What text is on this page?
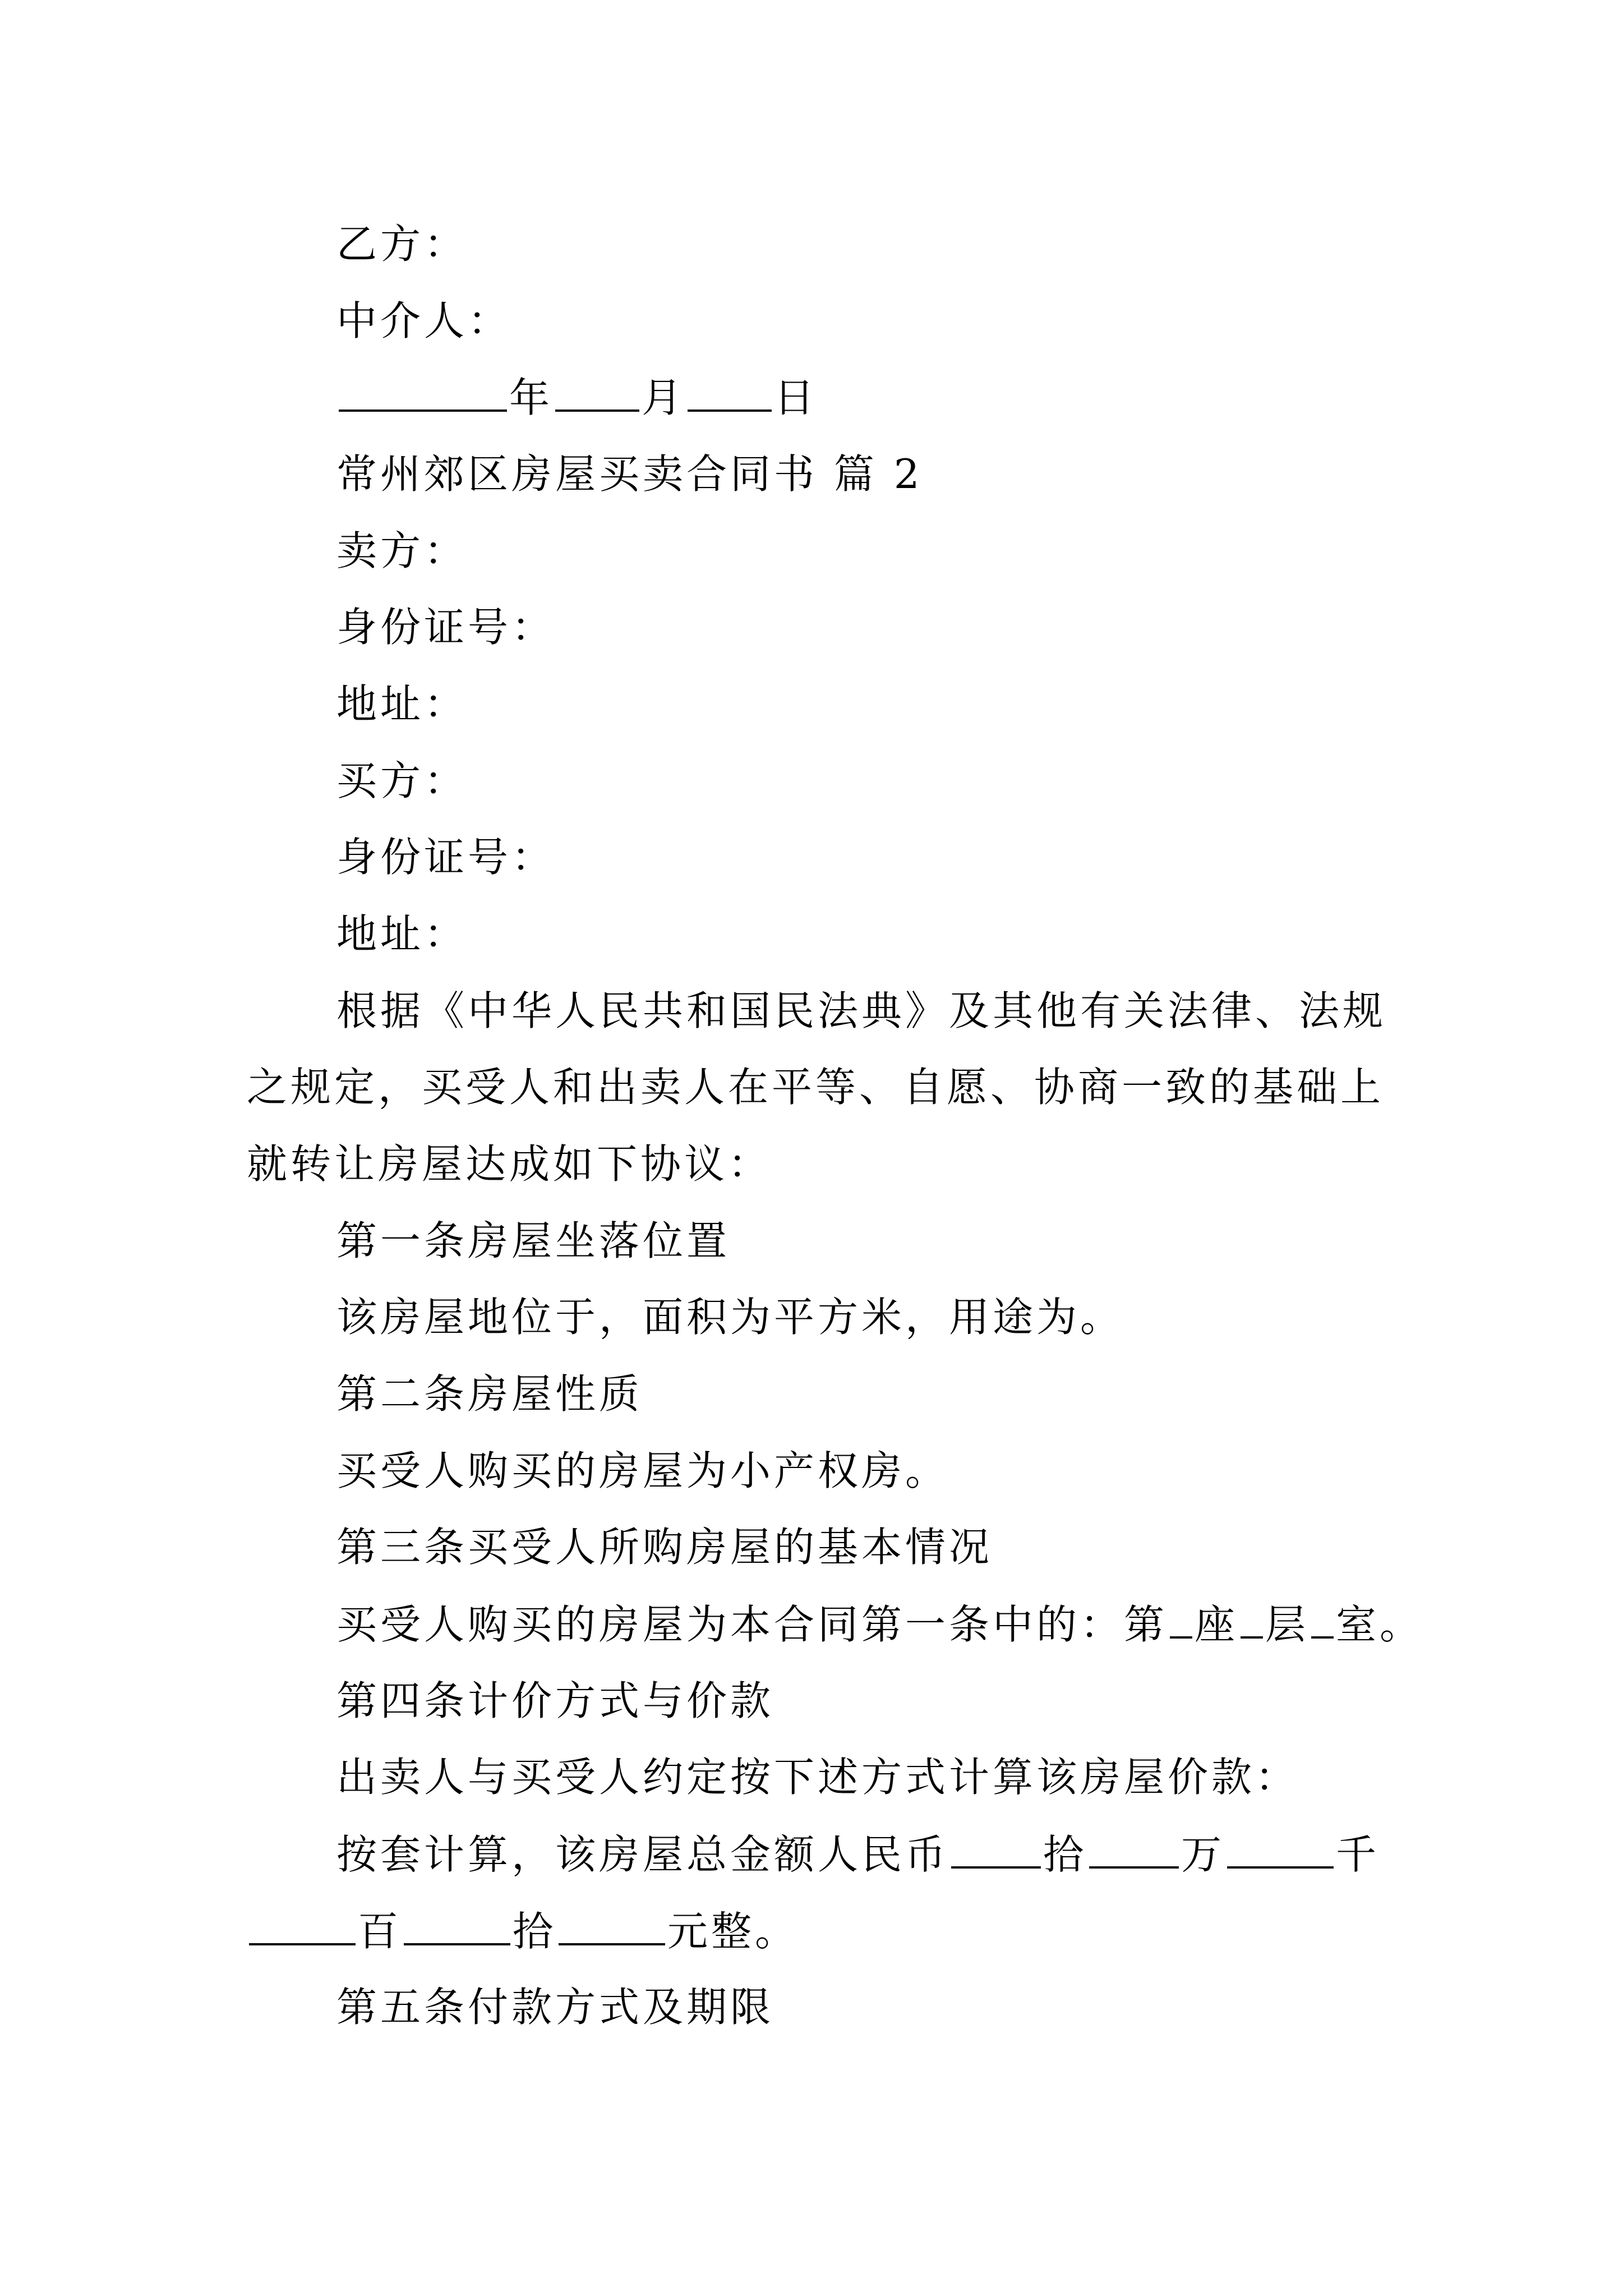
乙方：
中介人：
年 月 日
常州郊区房屋买卖合同书 篇 2
卖方：
身份证号：
地址：
买方：
身份证号：
地址：
根据《中华人民共和国民法典》及其他有关法律、法规
之规定，买受人和出卖人在平等、自愿、协商一致的基础上
就转让房屋达成如下协议：
第一条房屋坐落位置
该房屋地位于，面积为平方米，用途为。
第二条房屋性质
买受人购买的房屋为小产权房。
第三条买受人所购房屋的基本情况
买受人购买的房屋为本合同第一条中的：第 座 层 室。
第四条计价方式与价款
出卖人与买受人约定按下述方式计算该房屋价款：
按套计算，该房屋总金额人民币 拾 万	千
百	拾	元整。
第五条付款方式及期限
